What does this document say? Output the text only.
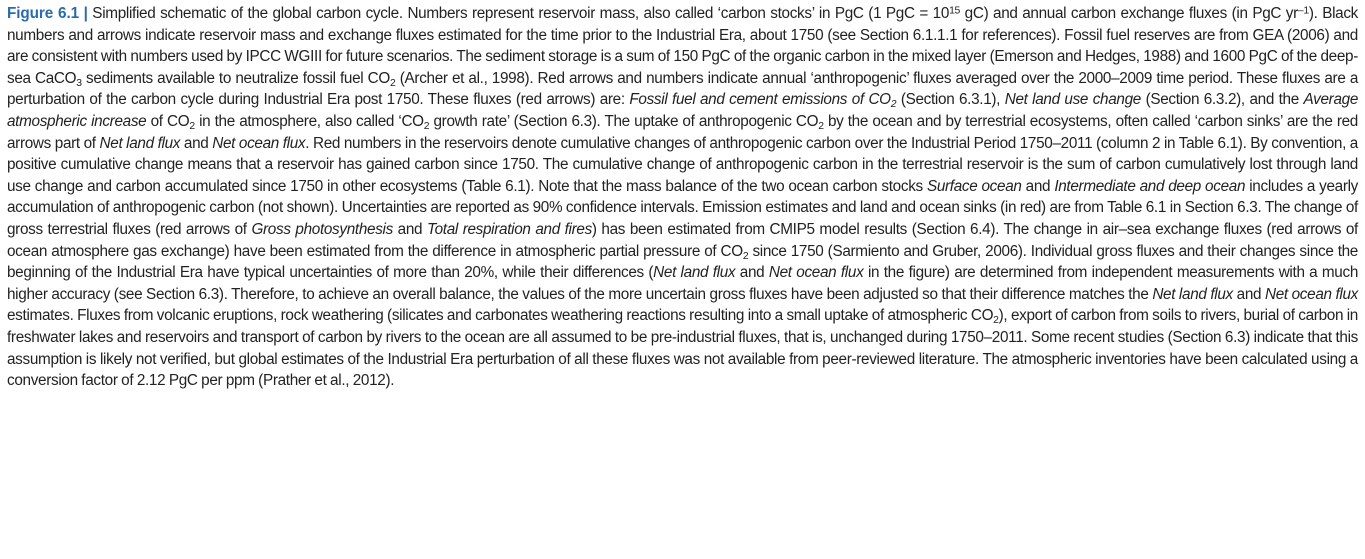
Figure 6.1 | Simplified schematic of the global carbon cycle. Numbers represent reservoir mass, also called ‘carbon stocks’ in PgC (1 PgC = $10^{15}$ gC) and annual carbon exchange fluxes (in PgC $yr^{-1}$). Black numbers and arrows indicate reservoir mass and exchange fluxes estimated for the time prior to the Industrial Era, about 1750 (see Section 6.1.1.1 for references). Fossil fuel reserves are from GEA (2006) and are consistent with numbers used by IPCC WGIII for future scenarios. The sediment storage is a sum of 150 PgC of the organic carbon in the mixed layer (Emerson and Hedges, 1988) and 1600 PgC of the deep-sea CaCO$_3$ sediments available to neutralize fossil fuel $CO_2$ (Archer et al., 1998). Red arrows and numbers indicate annual ‘anthropogenic’ fluxes averaged over the 2000–2009 time period. These fluxes are a perturbation of the carbon cycle during Industrial Era post 1750. These fluxes (red arrows) are: Fossil fuel and cement emissions of $CO_2$ (Section 6.3.1), Net land use change (Section 6.3.2), and the Average atmospheric increase of $CO_2$ in the atmosphere, also called ‘$CO_2$ growth rate’ (Section 6.3). The uptake of anthropogenic $CO_2$ by the ocean and by terrestrial ecosystems, often called ‘carbon sinks’ are the red arrows part of Net land flux and Net ocean flux. Red numbers in the reservoirs denote cumulative changes of anthropogenic carbon over the Industrial Period 1750–2011 (column 2 in Table 6.1). By convention, a positive cumulative change means that a reservoir has gained carbon since 1750. The cumulative change of anthropogenic carbon in the terrestrial reservoir is the sum of carbon cumulatively lost through land use change and carbon accumulated since 1750 in other ecosystems (Table 6.1). Note that the mass balance of the two ocean carbon stocks Surface ocean and Intermediate and deep ocean includes a yearly accumulation of anthropogenic carbon (not shown). Uncertainties are reported as 90% confidence intervals. Emission estimates and land and ocean sinks (in red) are from Table 6.1 in Section 6.3. The change of gross terrestrial fluxes (red arrows of Gross photosynthesis and Total respiration and fires) has been estimated from CMIP5 model results (Section 6.4). The change in air–sea exchange fluxes (red arrows of ocean atmosphere gas exchange) have been estimated from the difference in atmospheric partial pressure of $CO_2$ since 1750 (Sarmiento and Gruber, 2006). Individual gross fluxes and their changes since the beginning of the Industrial Era have typical uncertainties of more than 20%, while their differences (Net land flux and Net ocean flux in the figure) are determined from independent measurements with a much higher accuracy (see Section 6.3). Therefore, to achieve an overall balance, the values of the more uncertain gross fluxes have been adjusted so that their difference matches the Net land flux and Net ocean flux estimates. Fluxes from volcanic eruptions, rock weathering (silicates and carbonates weathering reactions resulting into a small uptake of atmospheric $CO_2$), export of carbon from soils to rivers, burial of carbon in freshwater lakes and reservoirs and transport of carbon by rivers to the ocean are all assumed to be pre-industrial fluxes, that is, unchanged during 1750–2011. Some recent studies (Section 6.3) indicate that this assumption is likely not verified, but global estimates of the Industrial Era perturbation of all these fluxes was not available from peer-reviewed literature. The atmospheric inventories have been calculated using a conversion factor of 2.12 PgC per ppm (Prather et al., 2012).
